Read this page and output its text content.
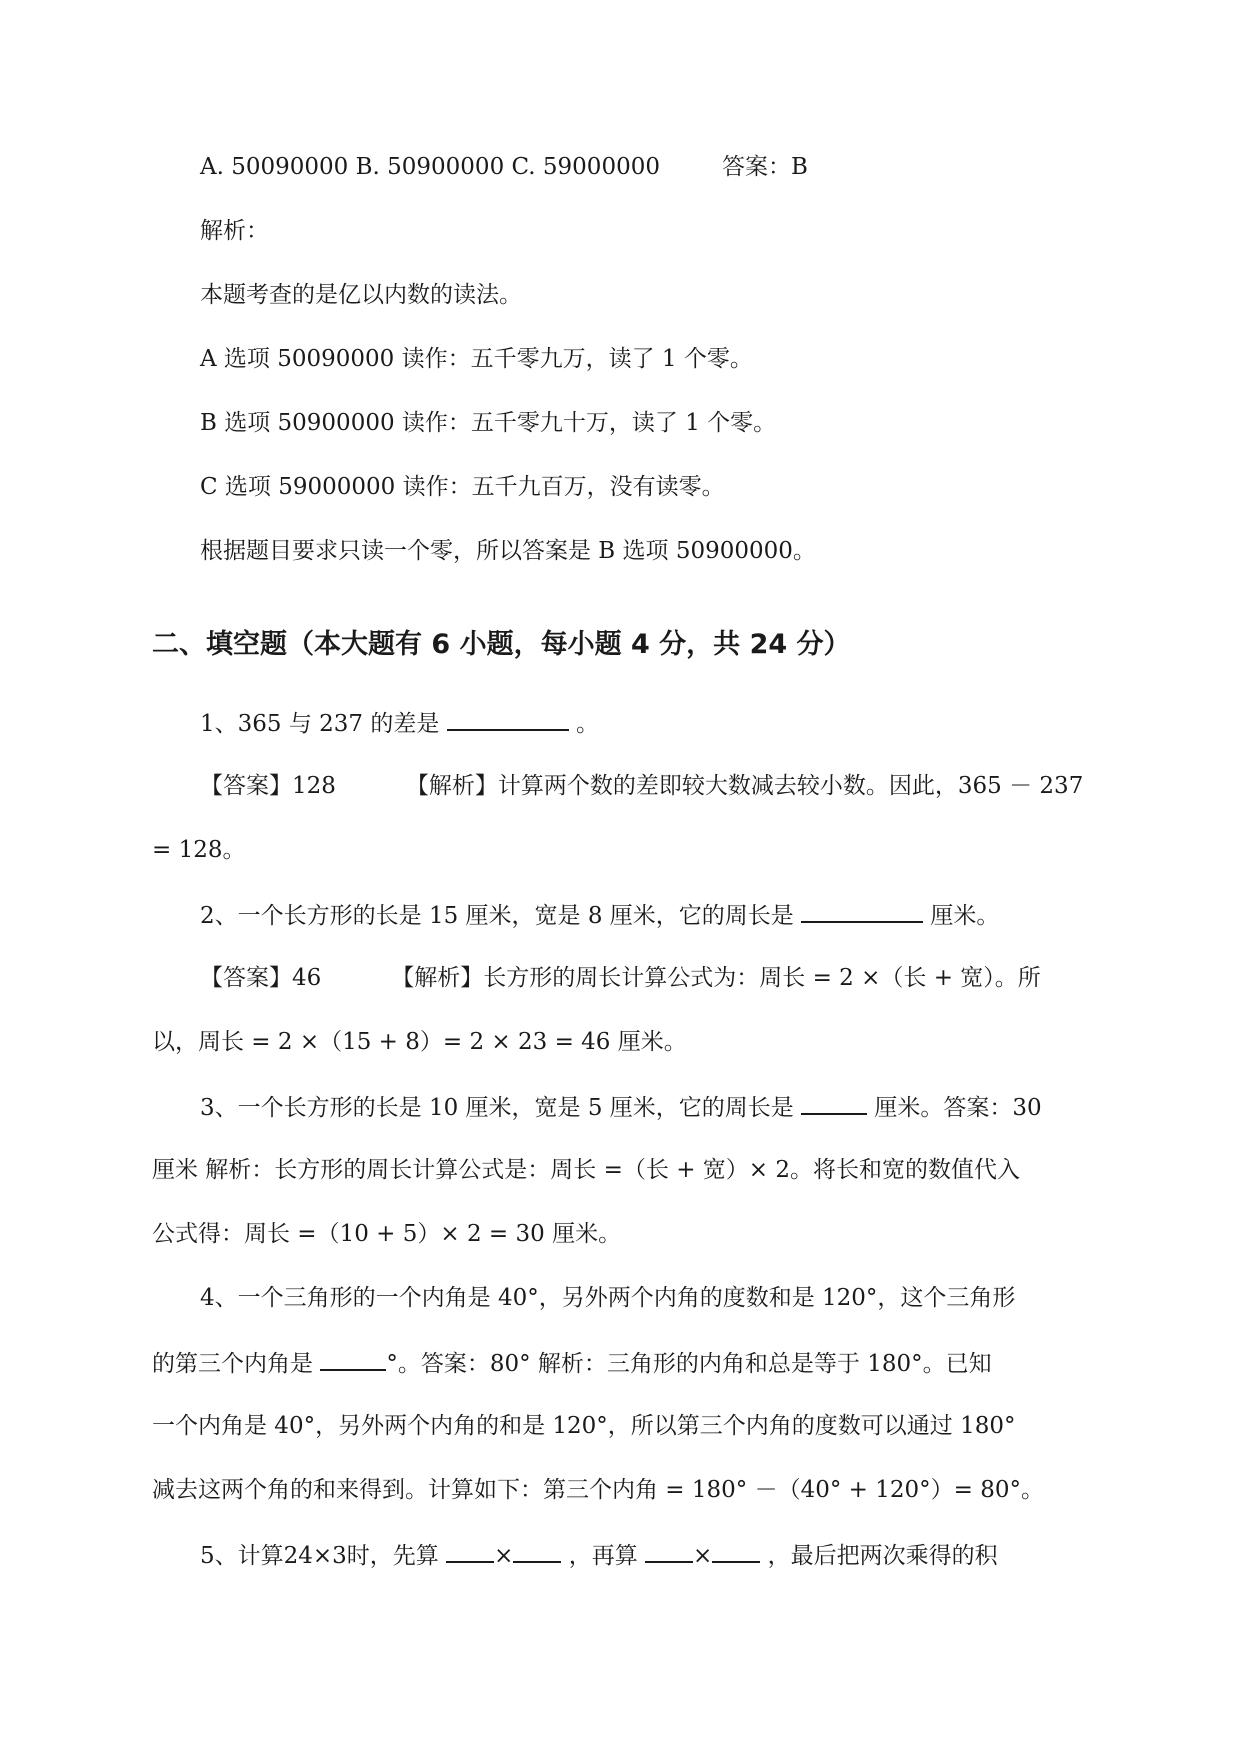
A. 50090000 B. 50900000 C. 59000000	答案：B
解析：
本题考查的是亿以内数的读法。
A 选项 50090000 读作：五千零九万，读了 1 个零。
B 选项 50900000 读作：五千零九十万，读了 1 个零。
C 选项 59000000 读作：五千九百万，没有读零。
根据题目要求只读一个零，所以答案是 B 选项 50900000。
二、填空题（本大题有 6 小题，每小题 4 分，共 24 分）
1、365 与 237 的差是	。
【答案】128	【解析】计算两个数的差即较大数减去较小数。因此，365 － 237
= 128。
2、一个长方形的长是 15 厘米，宽是 8 厘米，它的周长是	厘米。
【答案】46	【解析】长方形的周长计算公式为：周长 = 2 ×（长 + 宽）。所
以，周长 = 2 ×（15 + 8）= 2 × 23 = 46 厘米。
3、一个长方形的长是 10 厘米，宽是 5 厘米，它的周长是	厘米。答案：30
厘米 解析：长方形的周长计算公式是：周长 =（长 + 宽）× 2。将长和宽的数值代入
公式得：周长 =（10 + 5）× 2 = 30 厘米。
4、一个三角形的一个内角是 40°，另外两个内角的度数和是 120°，这个三角形
的第三个内角是	°。答案：80° 解析：三角形的内角和总是等于 180°。已知
一个内角是 40°，另外两个内角的和是 120°，所以第三个内角的度数可以通过 180°
减去这两个角的和来得到。计算如下：第三个内角 = 180° －（40° + 120°）= 80°。
5、计算24×3时，先算 × ，再算 × ，最后把两次乘得的积
